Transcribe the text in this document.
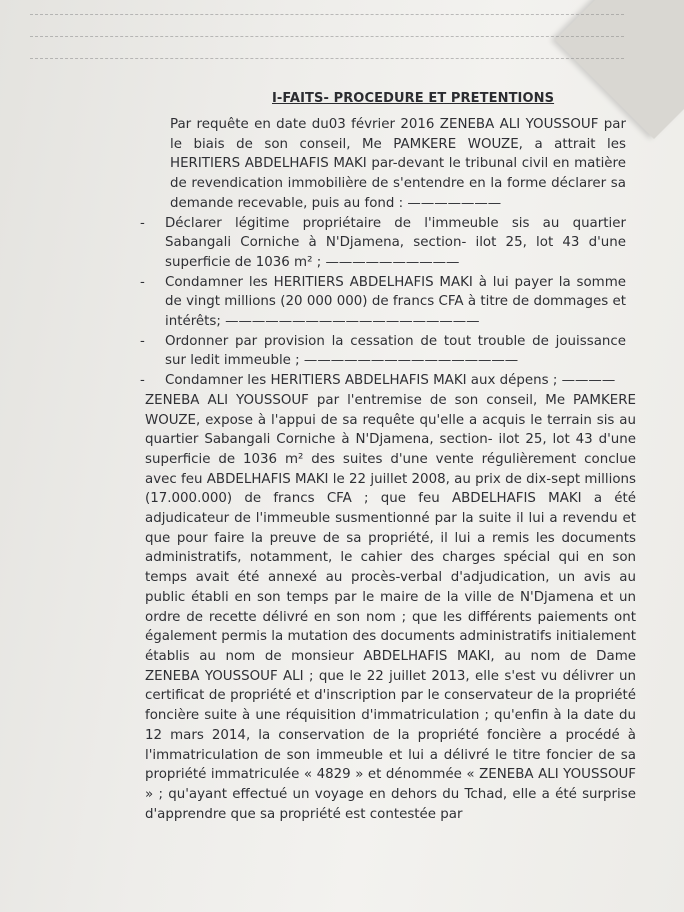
I-FAITS- PROCEDURE ET PRETENTIONS
Par requête en date du03 février 2016 ZENEBA ALI YOUSSOUF par le biais de son conseil, Me PAMKERE WOUZE, a attrait les HERITIERS ABDELHAFIS MAKI par-devant le tribunal civil en matière de revendication immobilière de s'entendre en la forme déclarer sa demande recevable, puis au fond : ———————
- Déclarer légitime propriétaire de l'immeuble sis au quartier Sabangali Corniche à N'Djamena, section- ilot 25, lot 43 d'une superficie de 1036 m² ; ——————————
- Condamner les HERITIERS ABDELHAFIS MAKI à lui payer la somme de vingt millions (20 000 000) de francs CFA à titre de dommages et intérêts; ———————————————————
- Ordonner par provision la cessation de tout trouble de jouissance sur ledit immeuble ; ————————————————
- Condamner les HERITIERS ABDELHAFIS MAKI aux dépens ; ————
ZENEBA ALI YOUSSOUF par l'entremise de son conseil, Me PAMKERE WOUZE, expose à l'appui de sa requête qu'elle a acquis le terrain sis au quartier Sabangali Corniche à N'Djamena, section- ilot 25, lot 43 d'une superficie de 1036 m² des suites d'une vente régulièrement conclue avec feu ABDELHAFIS MAKI le 22 juillet 2008, au prix de dix-sept millions (17.000.000) de francs CFA ; que feu ABDELHAFIS MAKI a été adjudicateur de l'immeuble susmentionné par la suite il lui a revendu et que pour faire la preuve de sa propriété, il lui a remis les documents administratifs, notamment, le cahier des charges spécial qui en son temps avait été annexé au procès-verbal d'adjudication, un avis au public établi en son temps par le maire de la ville de N'Djamena et un ordre de recette délivré en son nom ; que les différents paiements ont également permis la mutation des documents administratifs initialement établis au nom de monsieur ABDELHAFIS MAKI, au nom de Dame ZENEBA YOUSSOUF ALI ; que le 22 juillet 2013, elle s'est vu délivrer un certificat de propriété et d'inscription par le conservateur de la propriété foncière suite à une réquisition d'immatriculation ; qu'enfin à la date du 12 mars 2014, la conservation de la propriété foncière a procédé à l'immatriculation de son immeuble et lui a délivré le titre foncier de sa propriété immatriculée « 4829 » et dénommée « ZENEBA ALI YOUSSOUF » ; qu'ayant effectué un voyage en dehors du Tchad, elle a été surprise d'apprendre que sa propriété est contestée par
